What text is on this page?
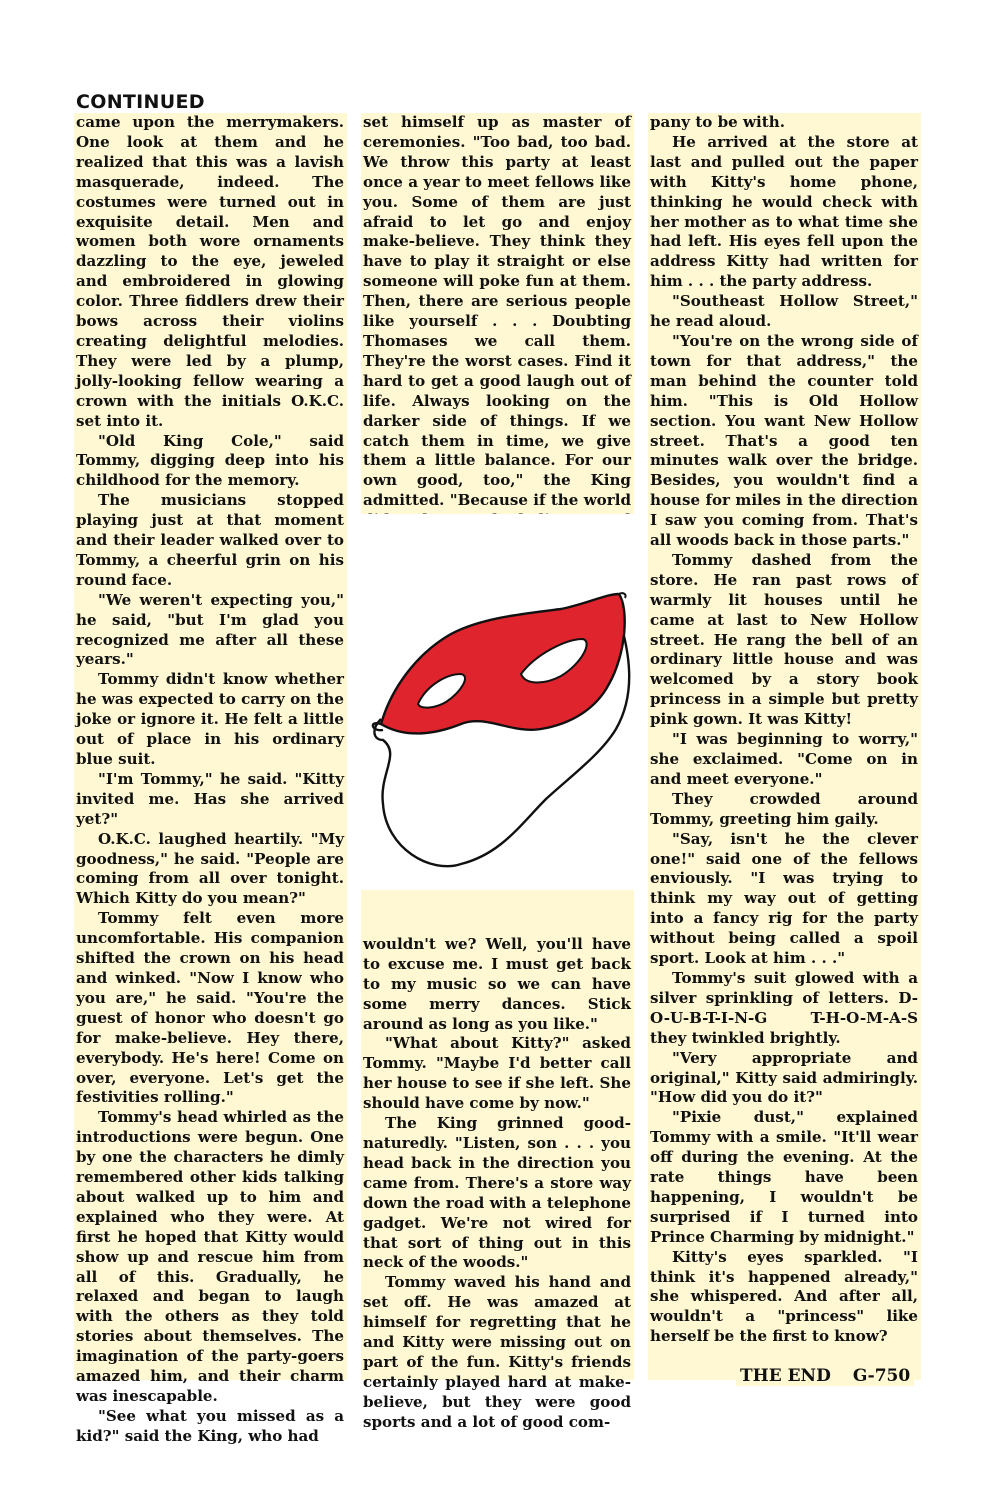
CONTINUED

came upon the merrymakers. One look at them and he realized that this was a lavish masquerade, indeed. The costumes were turned out in exquisite detail. Men and women both wore ornaments dazzling to the eye, jeweled and embroidered in glowing color. Three fiddlers drew their bows across their violins creating delightful melodies. They were led by a plump, jolly-looking fellow wearing a crown with the initials O.K.C. set into it.

"Old King Cole," said Tommy, digging deep into his childhood for the memory.

The musicians stopped playing just at that moment and their leader walked over to Tommy, a cheerful grin on his round face.

"We weren't expecting you," he said, "but I'm glad you recognized me after all these years."

Tommy didn't know whether he was expected to carry on the joke or ignore it. He felt a little out of place in his ordinary blue suit.

"I'm Tommy," he said. "Kitty invited me. Has she arrived yet?"

O.K.C. laughed heartily. "My goodness," he said. "People are coming from all over tonight. Which Kitty do you mean?"

Tommy felt even more uncomfortable. His companion shifted the crown on his head and winked. "Now I know who you are," he said. "You're the guest of honor who doesn't go for make-believe. Hey there, everybody. He's here! Come on over, everyone. Let's get the festivities rolling."

Tommy's head whirled as the introductions were begun. One by one the characters he dimly remembered other kids talking about walked up to him and explained who they were. At first he hoped that Kitty would show up and rescue him from all of this. Gradually, he relaxed and began to laugh with the others as they told stories about themselves. The imagination of the party-goers amazed him, and their charm was inescapable.

"See what you missed as a kid?" said the King, who had

set himself up as master of ceremonies. "Too bad, too bad. We throw this party at least once a year to meet fellows like you. Some of them are just afraid to let go and enjoy make-believe. They think they have to play it straight or else someone will poke fun at them. Then, there are serious people like yourself . . . Doubting Thomases we call them. They're the worst cases. Find it hard to get a good laugh out of life. Always looking on the darker side of things. If we catch them in time, we give them a little balance. For our own good, too," the King admitted. "Because if the world

wouldn't we? Well, you'll have to excuse me. I must get back to my music so we can have some merry dances. Stick around as long as you like."

"What about Kitty?" asked Tommy. "Maybe I'd better call her house to see if she left. She should have come by now."

The King grinned good-naturedly. "Listen, son . . . you head back in the direction you came from. There's a store way down the road with a telephone gadget. We're not wired for that sort of thing out in this neck of the woods."

Tommy waved his hand and set off. He was amazed at himself for regretting that he and Kitty were missing out on part of the fun. Kitty's friends certainly played hard at make-believe, but they were good sports and a lot of good com-

pany to be with.

He arrived at the store at last and pulled out the paper with Kitty's home phone, thinking he would check with her mother as to what time she had left. His eyes fell upon the address Kitty had written for him . . . the party address.

"Southeast Hollow Street," he read aloud.

"You're on the wrong side of town for that address," the man behind the counter told him. "This is Old Hollow section. You want New Hollow street. That's a good ten minutes walk over the bridge. Besides, you wouldn't find a house for miles in the direction I saw you coming from. That's all woods back in those parts."

Tommy dashed from the store. He ran past rows of warmly lit houses until he came at last to New Hollow street. He rang the bell of an ordinary little house and was welcomed by a story book princess in a simple but pretty pink gown. It was Kitty!

"I was beginning to worry," she exclaimed. "Come on in and meet everyone."

They crowded around Tommy, greeting him gaily.

"Say, isn't he the clever one!" said one of the fellows enviously. "I was trying to think my way out of getting into a fancy rig for the party without being called a spoil sport. Look at him . . ."

Tommy's suit glowed with a silver sprinkling of letters. D-O-U-B-T-I-N-G T-H-O-M-A-S they twinkled brightly.

"Very appropriate and original," Kitty said admiringly. "How did you do it?"

"Pixie dust," explained Tommy with a smile. "It'll wear off during the evening. At the rate things have been happening, I wouldn't be surprised if I turned into Prince Charming by midnight."

Kitty's eyes sparkled. "I think it's happened already," she whispered. And after all, wouldn't a "princess" like herself be the first to know?

THE END G-750
